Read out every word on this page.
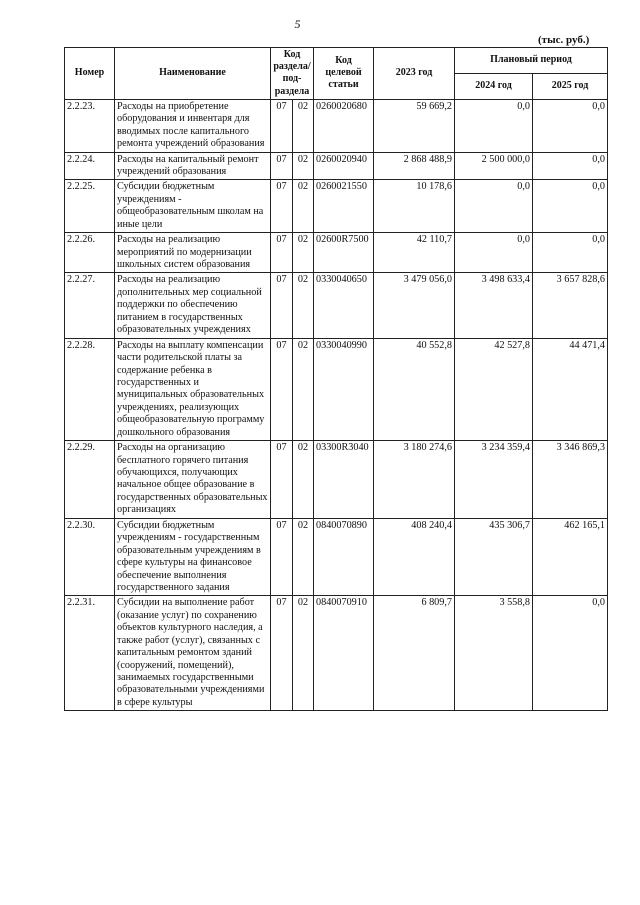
5
(тыс. руб.)
Номер	Наименование	Код раздела/ под- раздела		Код целевой статьи	2023 год	Плановый период	
						2024 год	2025 год
2.2.23.	Расходы на приобретение оборудования и инвентаря для вводимых после капитального ремонта учреждений образования	07	02	0260020680	59 669,2	0,0	0,0
2.2.24.	Расходы на капитальный ремонт учреждений образования	07	02	0260020940	2 868 488,9	2 500 000,0	0,0
2.2.25.	Субсидии бюджетным учреждениям - общеобразовательным школам на иные цели	07	02	0260021550	10 178,6	0,0	0,0
2.2.26.	Расходы на реализацию мероприятий по модернизации школьных систем образования	07	02	02600R7500	42 110,7	0,0	0,0
2.2.27.	Расходы на реализацию дополнительных мер социальной поддержки по обеспечению питанием в государственных образовательных учреждениях	07	02	0330040650	3 479 056,0	3 498 633,4	3 657 828,6
2.2.28.	Расходы на выплату компенсации части родительской платы за содержание ребенка в государственных и муниципальных образовательных учреждениях, реализующих общеобразовательную программу дошкольного образования	07	02	0330040990	40 552,8	42 527,8	44 471,4
2.2.29.	Расходы на организацию бесплатного горячего питания обучающихся, получающих начальное общее образование в государственных образовательных организациях	07	02	03300R3040	3 180 274,6	3 234 359,4	3 346 869,3
2.2.30.	Субсидии бюджетным учреждениям - государственным образовательным учреждениям в сфере культуры на финансовое обеспечение выполнения государственного задания	07	02	0840070890	408 240,4	435 306,7	462 165,1
2.2.31.	Субсидии на выполнение работ (оказание услуг) по сохранению объектов культурного наследия, а также работ (услуг), связанных с капитальным ремонтом зданий (сооружений, помещений), занимаемых государственными образовательными учреждениями в сфере культуры	07	02	0840070910	6 809,7	3 558,8	0,0
